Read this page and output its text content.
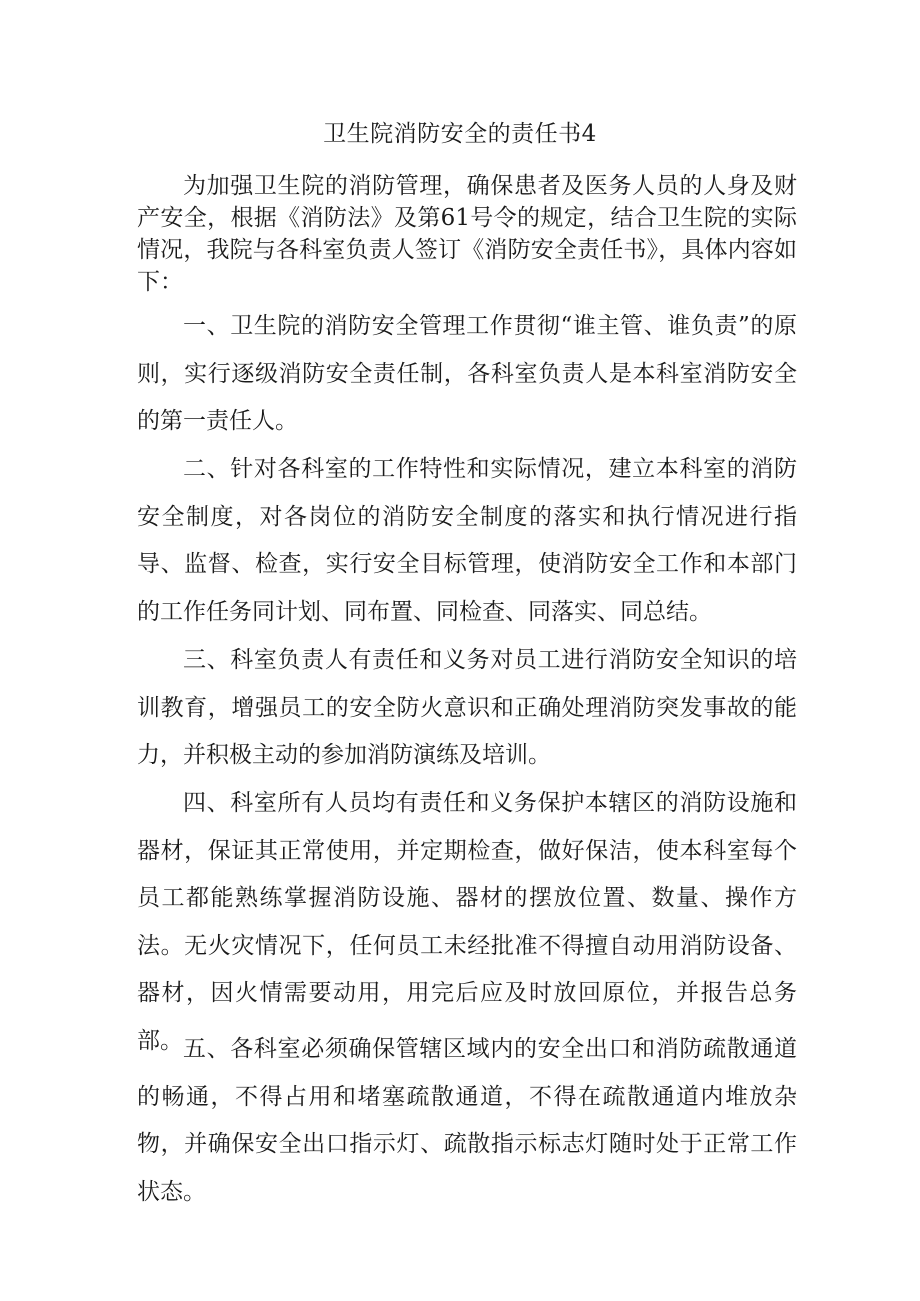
卫生院消防安全的责任书4

为加强卫生院的消防管理，确保患者及医务人员的人身及财产安全，根据《消防法》及第61号令的规定，结合卫生院的实际情况，我院与各科室负责人签订《消防安全责任书》，具体内容如下：

一、卫生院的消防安全管理工作贯彻“谁主管、谁负责”的原则，实行逐级消防安全责任制，各科室负责人是本科室消防安全的第一责任人。

二、针对各科室的工作特性和实际情况，建立本科室的消防安全制度，对各岗位的消防安全制度的落实和执行情况进行指导、监督、检查，实行安全目标管理，使消防安全工作和本部门的工作任务同计划、同布置、同检查、同落实、同总结。

三、科室负责人有责任和义务对员工进行消防安全知识的培训教育，增强员工的安全防火意识和正确处理消防突发事故的能力，并积极主动的参加消防演练及培训。

四、科室所有人员均有责任和义务保护本辖区的消防设施和器材，保证其正常使用，并定期检查，做好保洁，使本科室每个员工都能熟练掌握消防设施、器材的摆放位置、数量、操作方法。无火灾情况下，任何员工未经批准不得擅自动用消防设备、器材，因火情需要动用，用完后应及时放回原位，并报告总务部。 五、各科室必须确保管辖区域内的安全出口和消防疏散通道的畅通，不得占用和堵塞疏散通道，不得在疏散通道内堆放杂物，并确保安全出口指示灯、疏散指示标志灯随时处于正常工作状态。
